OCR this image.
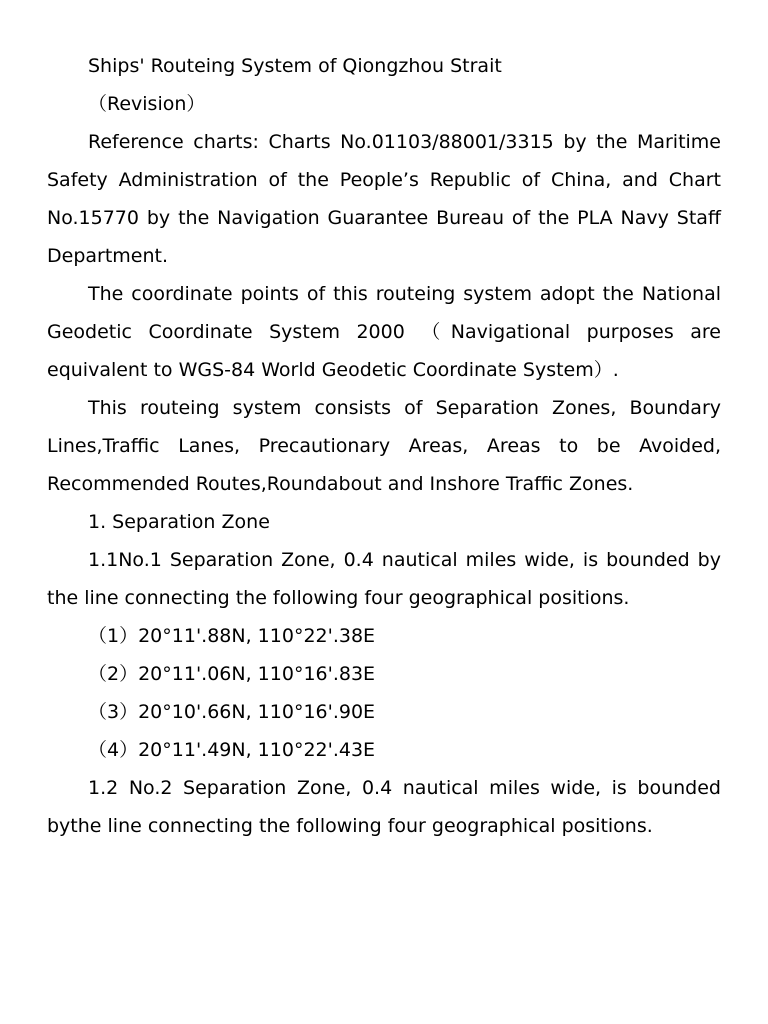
Ships' Routeing System of Qiongzhou Strait

（Revision）

Reference charts: Charts No.01103/88001/3315 by the Maritime Safety Administration of the People’s Republic of China, and Chart No.15770 by the Navigation Guarantee Bureau of the PLA Navy Staff Department.

The coordinate points of this routeing system adopt the National Geodetic Coordinate System 2000 （Navigational purposes are equivalent to WGS-84 World Geodetic Coordinate System）.

This routeing system consists of Separation Zones, Boundary Lines,Traffic Lanes, Precautionary Areas, Areas to be Avoided, Recommended Routes,Roundabout and Inshore Traffic Zones.

1. Separation Zone

1.1No.1 Separation Zone, 0.4 nautical miles wide, is bounded by the line connecting the following four geographical positions.

（1）20°11'.88N, 110°22'.38E

（2）20°11'.06N, 110°16'.83E

（3）20°10'.66N, 110°16'.90E

（4）20°11'.49N, 110°22'.43E

1.2 No.2 Separation Zone, 0.4 nautical miles wide, is bounded bythe line connecting the following four geographical positions.
